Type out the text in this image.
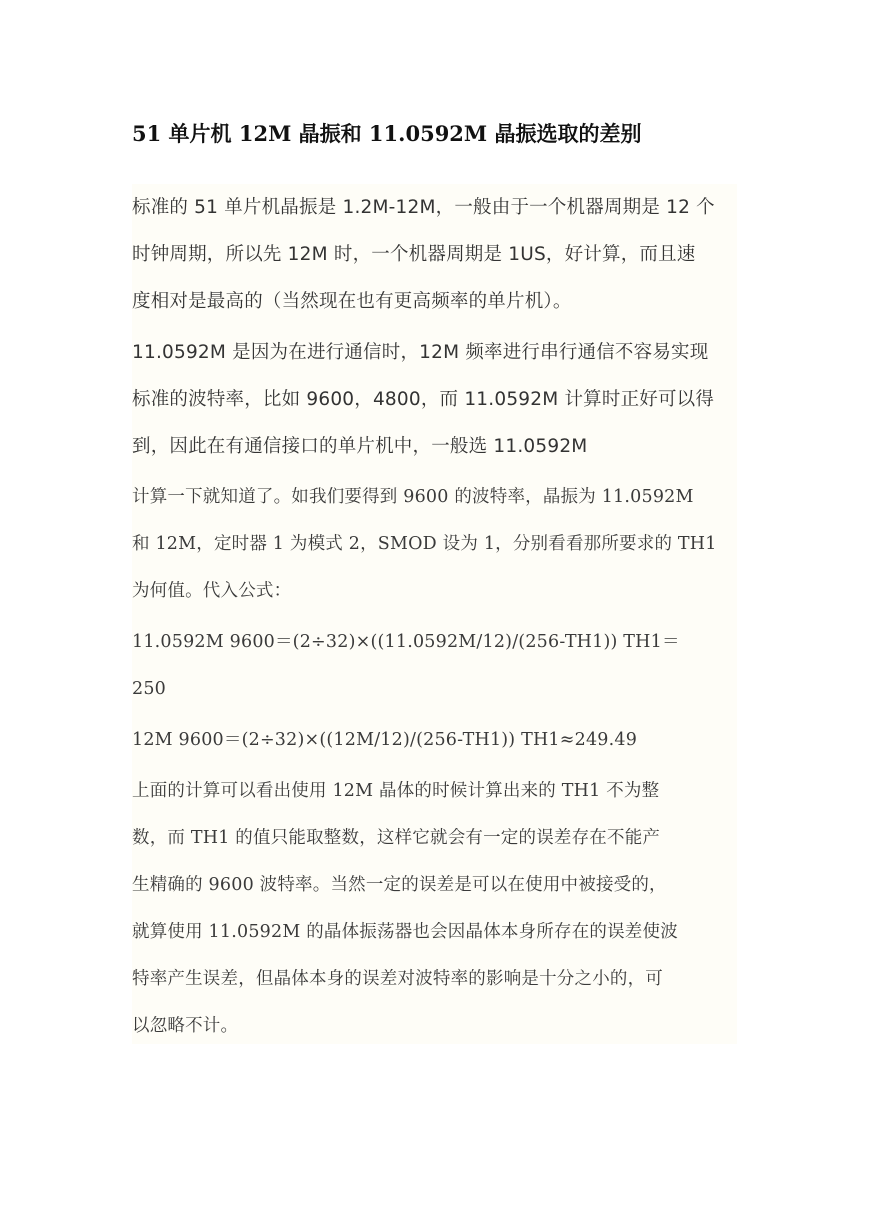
51 单片机 12M 晶振和 11.0592M 晶振选取的差别

标准的 51 单片机晶振是 1.2M-12M，一般由于一个机器周期是 12 个
时钟周期，所以先 12M 时，一个机器周期是 1US，好计算，而且速
度相对是最高的（当然现在也有更高频率的单片机）。

11.0592M 是因为在进行通信时，12M 频率进行串行通信不容易实现
标准的波特率，比如 9600，4800，而 11.0592M 计算时正好可以得
到，因此在有通信接口的单片机中，一般选 11.0592M

计算一下就知道了。如我们要得到 9600 的波特率，晶振为 11.0592M
和 12M，定时器 1 为模式 2，SMOD 设为 1，分别看看那所要求的 TH1
为何值。代入公式：

11.0592M 9600＝(2÷32)×((11.0592M/12)/(256-TH1)) TH1＝
250

12M 9600＝(2÷32)×((12M/12)/(256-TH1)) TH1≈249.49

上面的计算可以看出使用 12M 晶体的时候计算出来的 TH1 不为整
数，而 TH1 的值只能取整数，这样它就会有一定的误差存在不能产
生精确的 9600 波特率。当然一定的误差是可以在使用中被接受的，
就算使用 11.0592M 的晶体振荡器也会因晶体本身所存在的误差使波
特率产生误差，但晶体本身的误差对波特率的影响是十分之小的，可
以忽略不计。
